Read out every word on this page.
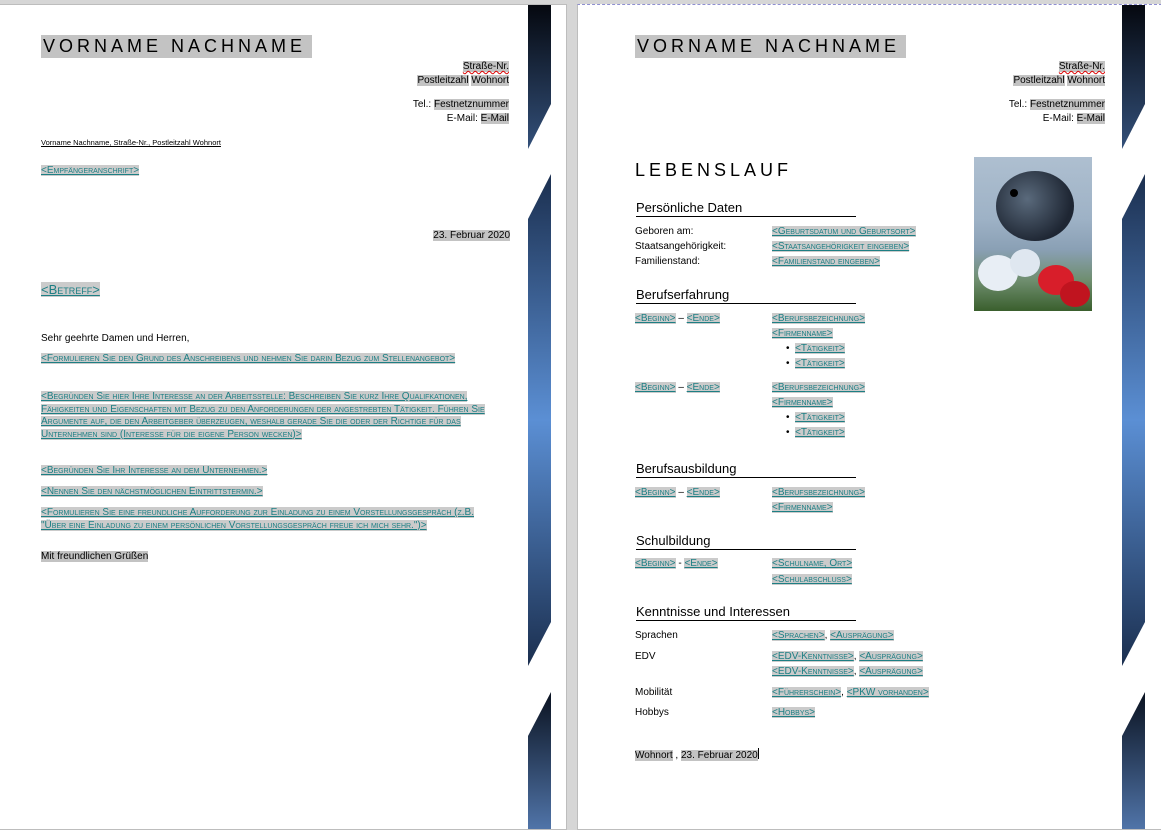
VORNAME NACHNAME
Straße-Nr.
Postleitzahl Wohnort
Tel.: Festnetznummer
E-Mail: E-Mail
Vorname Nachname, Straße-Nr., Postleitzahl Wohnort
<Empfängeranschrift>
23. Februar 2020
<Betreff>
Sehr geehrte Damen und Herren,
<Formulieren Sie den Grund des Anschreibens und nehmen Sie darin Bezug zum Stellenangebot>
<Begründen Sie hier Ihre Interesse an der Arbeitsstelle: Beschreiben Sie kurz Ihre Qualifkationen, Fähigkeiten und Eigenschaften mit Bezug zu den Anforderungen der angestrebten Tätigkeit. Führen Sie Argumente auf, die den Arbeitgeber überzeugen, weshalb gerade Sie die oder der Richtige für das Unternehmen sind (Interesse für die eigene Person wecken)>
<Begründen Sie Ihr Interesse an dem Unternehmen.>
<Nennen Sie den nächstmöglichen Eintrittstermin.>
<Formulieren Sie eine freundliche Aufforderung zur Einladung zu einem Vorstellungsgespräch (z.B. "Über eine Einladung zu einem persönlichen Vorstellungsgespräch freue ich mich sehr.")>
Mit freundlichen Grüßen
VORNAME NACHNAME
Straße-Nr.
Postleitzahl Wohnort
Tel.: Festnetznummer
E-Mail: E-Mail
LEBENSLAUF
Persönliche Daten
Geboren am:	<Geburtsdatum und Geburtsort>
Staatsangehörigkeit:	<Staatsangehörigkeit eingeben>
Familienstand:	<Familienstand eingeben>
Berufserfahrung
<Beginn> – <Ende>	<Berufsbezeichnung>
<Firmenname>
• <Tätigkeit>
• <Tätigkeit>
<Beginn> – <Ende>	<Berufsbezeichnung>
<Firmenname>
• <Tätigkeit>
• <Tätigkeit>
Berufsausbildung
<Beginn> – <Ende>	<Berufsbezeichnung>
<Firmenname>
Schulbildung
<Beginn> - <Ende>	<Schulname, Ort>
<Schulabschluss>
Kenntnisse und Interessen
Sprachen	<Sprachen>, <Ausprägung>
EDV	<EDV-Kenntnisse>, <Ausprägung>
<EDV-Kenntnisse>, <Ausprägung>
Mobilität	<Führerschein>, <PKW vorhanden>
Hobbys	<Hobbys>
Wohnort , 23. Februar 2020
